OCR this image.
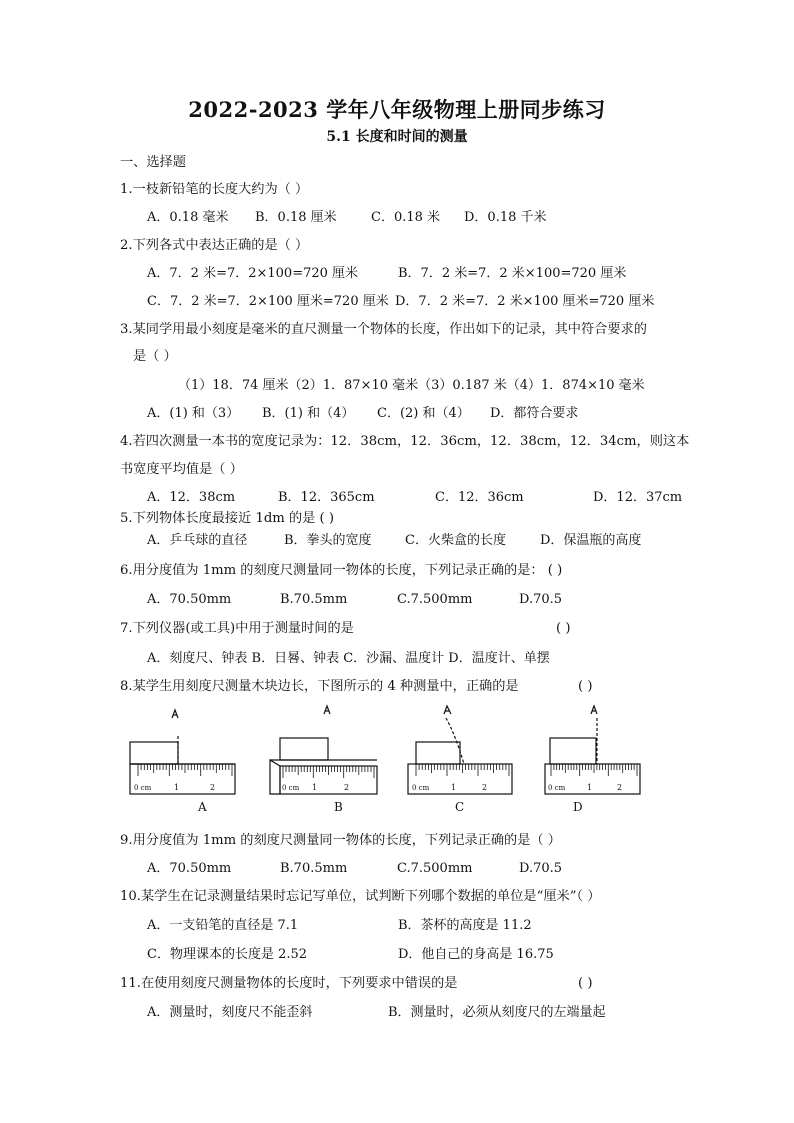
2022-2023 学年八年级物理上册同步练习
5.1 长度和时间的测量
一、选择题
1.一枝新铅笔的长度大约为（ ）
A．0.18 毫米 B．0.18 厘米	C．0.18 米 D．0.18 千米
2.下列各式中表达正确的是（ ）
A．7．2 米=7．2×100=720 厘米	B．7．2 米=7．2 米×100=720 厘米
C．7．2 米=7．2×100 厘米=720 厘米 D．7．2 米=7．2 米×100 厘米=720 厘米
3.某同学用最小刻度是毫米的直尺测量一个物体的长度，作出如下的记录，其中符合要求的
是（ ）
（1）18．74 厘米（2）1．87×10 毫米（3）0.187 米（4）1．874×10 毫米
A．(1) 和（3） B．(1) 和（4） C．(2) 和（4） D．都符合要求
4.若四次测量一本书的宽度记录为：12．38cm，12．36cm，12．38cm，12．34cm，则这本
书宽度平均值是（ ）
A．12．38cm	B．12．365cm	C．12．36cm	D．12．37cm
5.下列物体长度最接近 1dm 的是 ( )
A．乒乓球的直径	B．拳头的宽度	C．火柴盒的长度	D．保温瓶的高度
6.用分度值为 1mm 的刻度尺测量同一物体的长度，下列记录正确的是： ( )
A．70.50mm	B.70.5mm	C.7.500mm	D.70.5
7.下列仪器(或工具)中用于测量时间的是	( )
A．刻度尺、钟表 B．日晷、钟表 C．沙漏、温度计 D．温度计、单摆
8.某学生用刻度尺测量木块边长，下图所示的 4 种测量中，正确的是	( )
0 cm	1	2
A
0 cm 1	2
B
0 cm	1	2
C
0 cm	1	2
D
9.用分度值为 1mm 的刻度尺测量同一物体的长度，下列记录正确的是（ ）
A．70.50mm	B.70.5mm	C.7.500mm	D.70.5
10.某学生在记录测量结果时忘记写单位，试判断下列哪个数据的单位是“厘米”（ ）
A．一支铅笔的直径是 7.1	B．茶杯的高度是 11.2
C．物理课本的长度是 2.52	D．他自己的身高是 16.75
11.在使用刻度尺测量物体的长度时，下列要求中错误的是	( )
A．测量时，刻度尺不能歪斜	B．测量时，必须从刻度尺的左端量起
